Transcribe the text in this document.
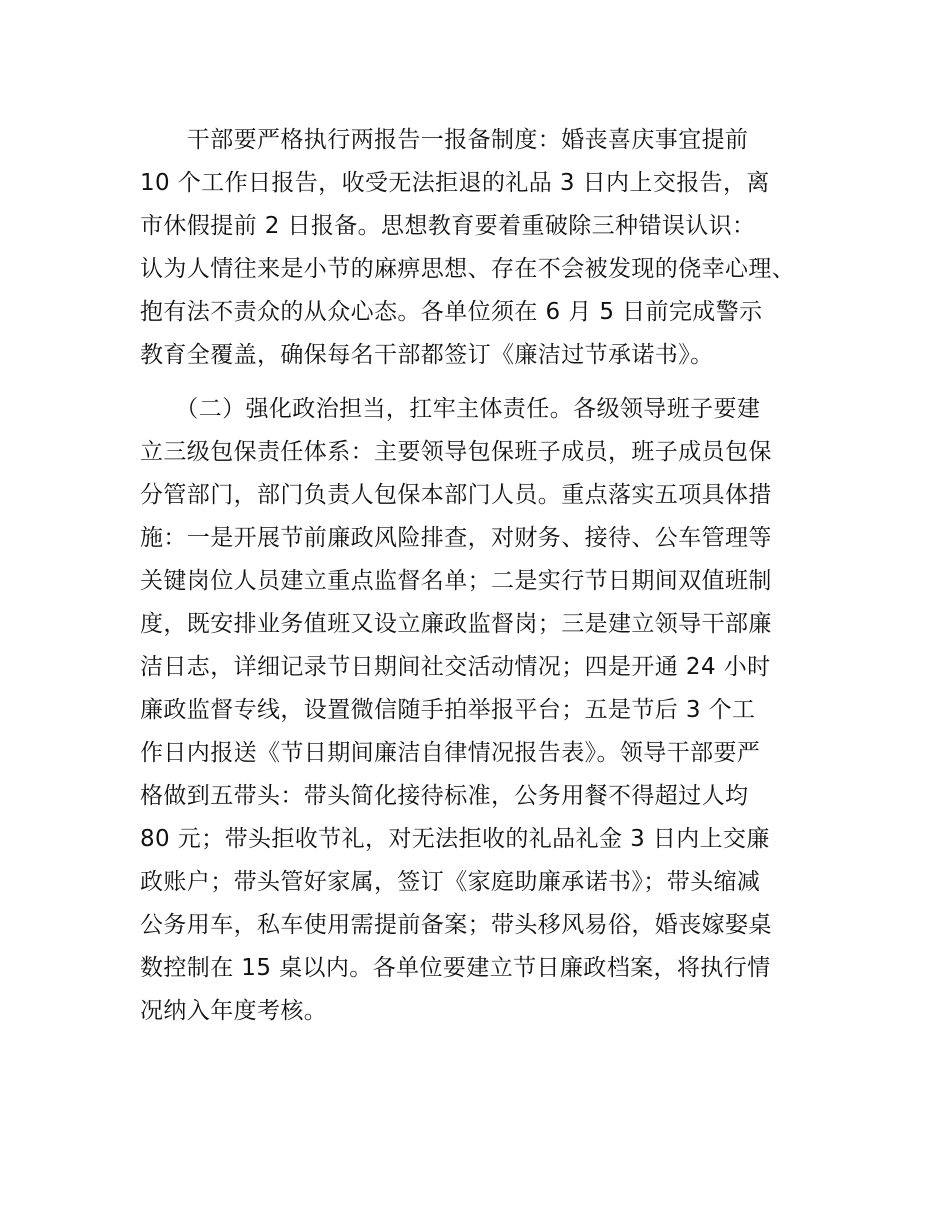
　　干部要严格执行两报告一报备制度：婚丧喜庆事宜提前
10 个工作日报告，收受无法拒退的礼品 3 日内上交报告，离
市休假提前 2 日报备。思想教育要着重破除三种错误认识：
认为人情往来是小节的麻痹思想、存在不会被发现的侥幸心理、
抱有法不责众的从众心态。各单位须在 6 月 5 日前完成警示
教育全覆盖，确保每名干部都签订《廉洁过节承诺书》。
　　（二）强化政治担当，扛牢主体责任。各级领导班子要建
立三级包保责任体系：主要领导包保班子成员，班子成员包保
分管部门，部门负责人包保本部门人员。重点落实五项具体措
施：一是开展节前廉政风险排查，对财务、接待、公车管理等
关键岗位人员建立重点监督名单；二是实行节日期间双值班制
度，既安排业务值班又设立廉政监督岗；三是建立领导干部廉
洁日志，详细记录节日期间社交活动情况；四是开通 24 小时
廉政监督专线，设置微信随手拍举报平台；五是节后 3 个工
作日内报送《节日期间廉洁自律情况报告表》。领导干部要严
格做到五带头：带头简化接待标准，公务用餐不得超过人均
80 元；带头拒收节礼，对无法拒收的礼品礼金 3 日内上交廉
政账户；带头管好家属，签订《家庭助廉承诺书》；带头缩减
公务用车，私车使用需提前备案；带头移风易俗，婚丧嫁娶桌
数控制在 15 桌以内。各单位要建立节日廉政档案，将执行情
况纳入年度考核。
